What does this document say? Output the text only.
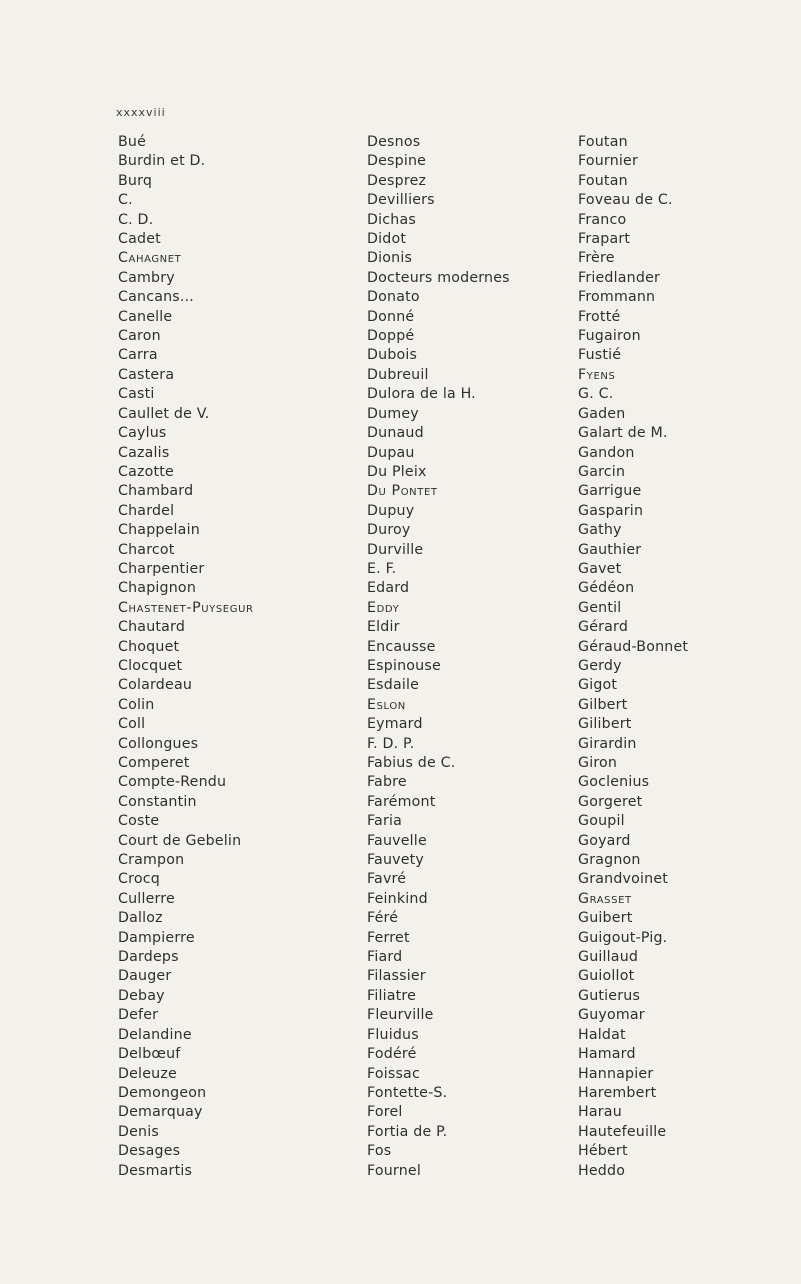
xxxxviii
Bué
Burdin et D.
Burq
C.
C. D.
Cadet
Cahagnet
Cambry
Cancans...
Canelle
Caron
Carra
Castera
Casti
Caullet de V.
Caylus
Cazalis
Cazotte
Chambard
Chardel
Chappelain
Charcot
Charpentier
Chapignon
Chastenet-Puysegur
Chautard
Choquet
Clocquet
Colardeau
Colin
Coll
Collongues
Comperet
Compte-Rendu
Constantin
Coste
Court de Gebelin
Crampon
Crocq
Cullerre
Dalloz
Dampierre
Dardeps
Dauger
Debay
Defer
Delandine
Delbœuf
Deleuze
Demongeon
Demarquay
Denis
Desages
Desmartis
Desnos
Despine
Desprez
Devilliers
Dichas
Didot
Dionis
Docteurs modernes
Donato
Donné
Doppé
Dubois
Dubreuil
Dulora de la H.
Dumey
Dunaud
Dupau
Du Pleix
Du Pontet
Dupuy
Duroy
Durville
E. F.
Edard
Eddy
Eldir
Encausse
Espinouse
Esdaile
Eslon
Eymard
F. D. P.
Fabius de C.
Fabre
Farémont
Faria
Fauvelle
Fauvety
Favré
Feinkind
Féré
Ferret
Fiard
Filassier
Filiatre
Fleurville
Fluidus
Fodéré
Foissac
Fontette-S.
Forel
Fortia de P.
Fos
Fournel
Foutan
Fournier
Foutan
Foveau de C.
Franco
Frapart
Frère
Friedlander
Frommann
Frotté
Fugairon
Fustié
Fyens
G. C.
Gaden
Galart de M.
Gandon
Garcin
Garrigue
Gasparin
Gathy
Gauthier
Gavet
Gédéon
Gentil
Gérard
Géraud-Bonnet
Gerdy
Gigot
Gilbert
Gilibert
Girardin
Giron
Goclenius
Gorgeret
Goupil
Goyard
Gragnon
Grandvoinet
Grasset
Guibert
Guigout-Pig.
Guillaud
Guiollot
Gutierus
Guyomar
Haldat
Hamard
Hannapier
Harembert
Harau
Hautefeuille
Hébert
Heddo
